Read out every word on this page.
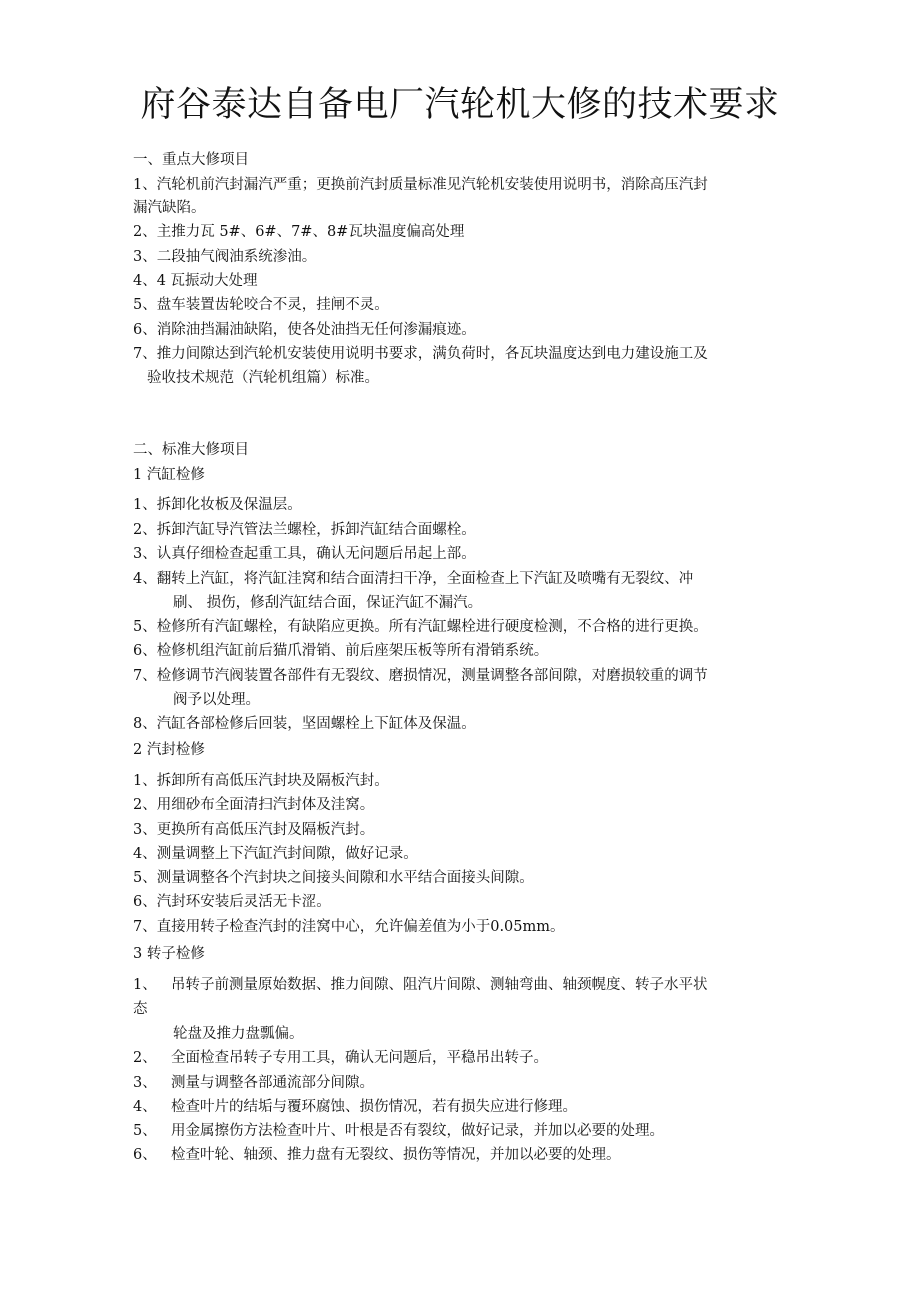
府谷泰达自备电厂汽轮机大修的技术要求
一、重点大修项目
1、汽轮机前汽封漏汽严重；更换前汽封质量标准见汽轮机安装使用说明书，消除高压汽封
漏汽缺陷。
2、主推力瓦 5#、6#、7#、8#瓦块温度偏高处理
3、二段抽气阀油系统渗油。
4、4 瓦振动大处理
5、盘车装置齿轮咬合不灵，挂闸不灵。
6、消除油挡漏油缺陷，使各处油挡无任何渗漏痕迹。
7、推力间隙达到汽轮机安装使用说明书要求，满负荷时，各瓦块温度达到电力建设施工及
验收技术规范（汽轮机组篇）标准。
二、标准大修项目
1 汽缸检修
1、拆卸化妆板及保温层。
2、拆卸汽缸导汽管法兰螺栓，拆卸汽缸结合面螺栓。
3、认真仔细检查起重工具，确认无问题后吊起上部。
4、翻转上汽缸，将汽缸洼窝和结合面清扫干净，全面检查上下汽缸及喷嘴有无裂纹、冲
刷、 损伤，修刮汽缸结合面，保证汽缸不漏汽。
5、检修所有汽缸螺栓，有缺陷应更换。所有汽缸螺栓进行硬度检测，不合格的进行更换。
6、检修机组汽缸前后猫爪滑销、前后座架压板等所有滑销系统。
7、检修调节汽阀装置各部件有无裂纹、磨损情况，测量调整各部间隙，对磨损较重的调节
阀予以处理。
8、汽缸各部检修后回装，坚固螺栓上下缸体及保温。
2 汽封检修
1、拆卸所有高低压汽封块及隔板汽封。
2、用细砂布全面清扫汽封体及洼窝。
3、更换所有高低压汽封及隔板汽封。
4、测量调整上下汽缸汽封间隙，做好记录。
5、测量调整各个汽封块之间接头间隙和水平结合面接头间隙。
6、汽封环安装后灵活无卡涩。
7、直接用转子检查汽封的洼窝中心，允许偏差值为小于0.05mm。
3 转子检修
1、 吊转子前测量原始数据、推力间隙、阻汽片间隙、测轴弯曲、轴颈幌度、转子水平状
态
轮盘及推力盘瓢偏。
2、 全面检查吊转子专用工具，确认无问题后，平稳吊出转子。
3、 测量与调整各部通流部分间隙。
4、 检查叶片的结垢与覆环腐蚀、损伤情况，若有损失应进行修理。
5、 用金属擦伤方法检查叶片、叶根是否有裂纹，做好记录，并加以必要的处理。
6、 检查叶轮、轴颈、推力盘有无裂纹、损伤等情况，并加以必要的处理。
